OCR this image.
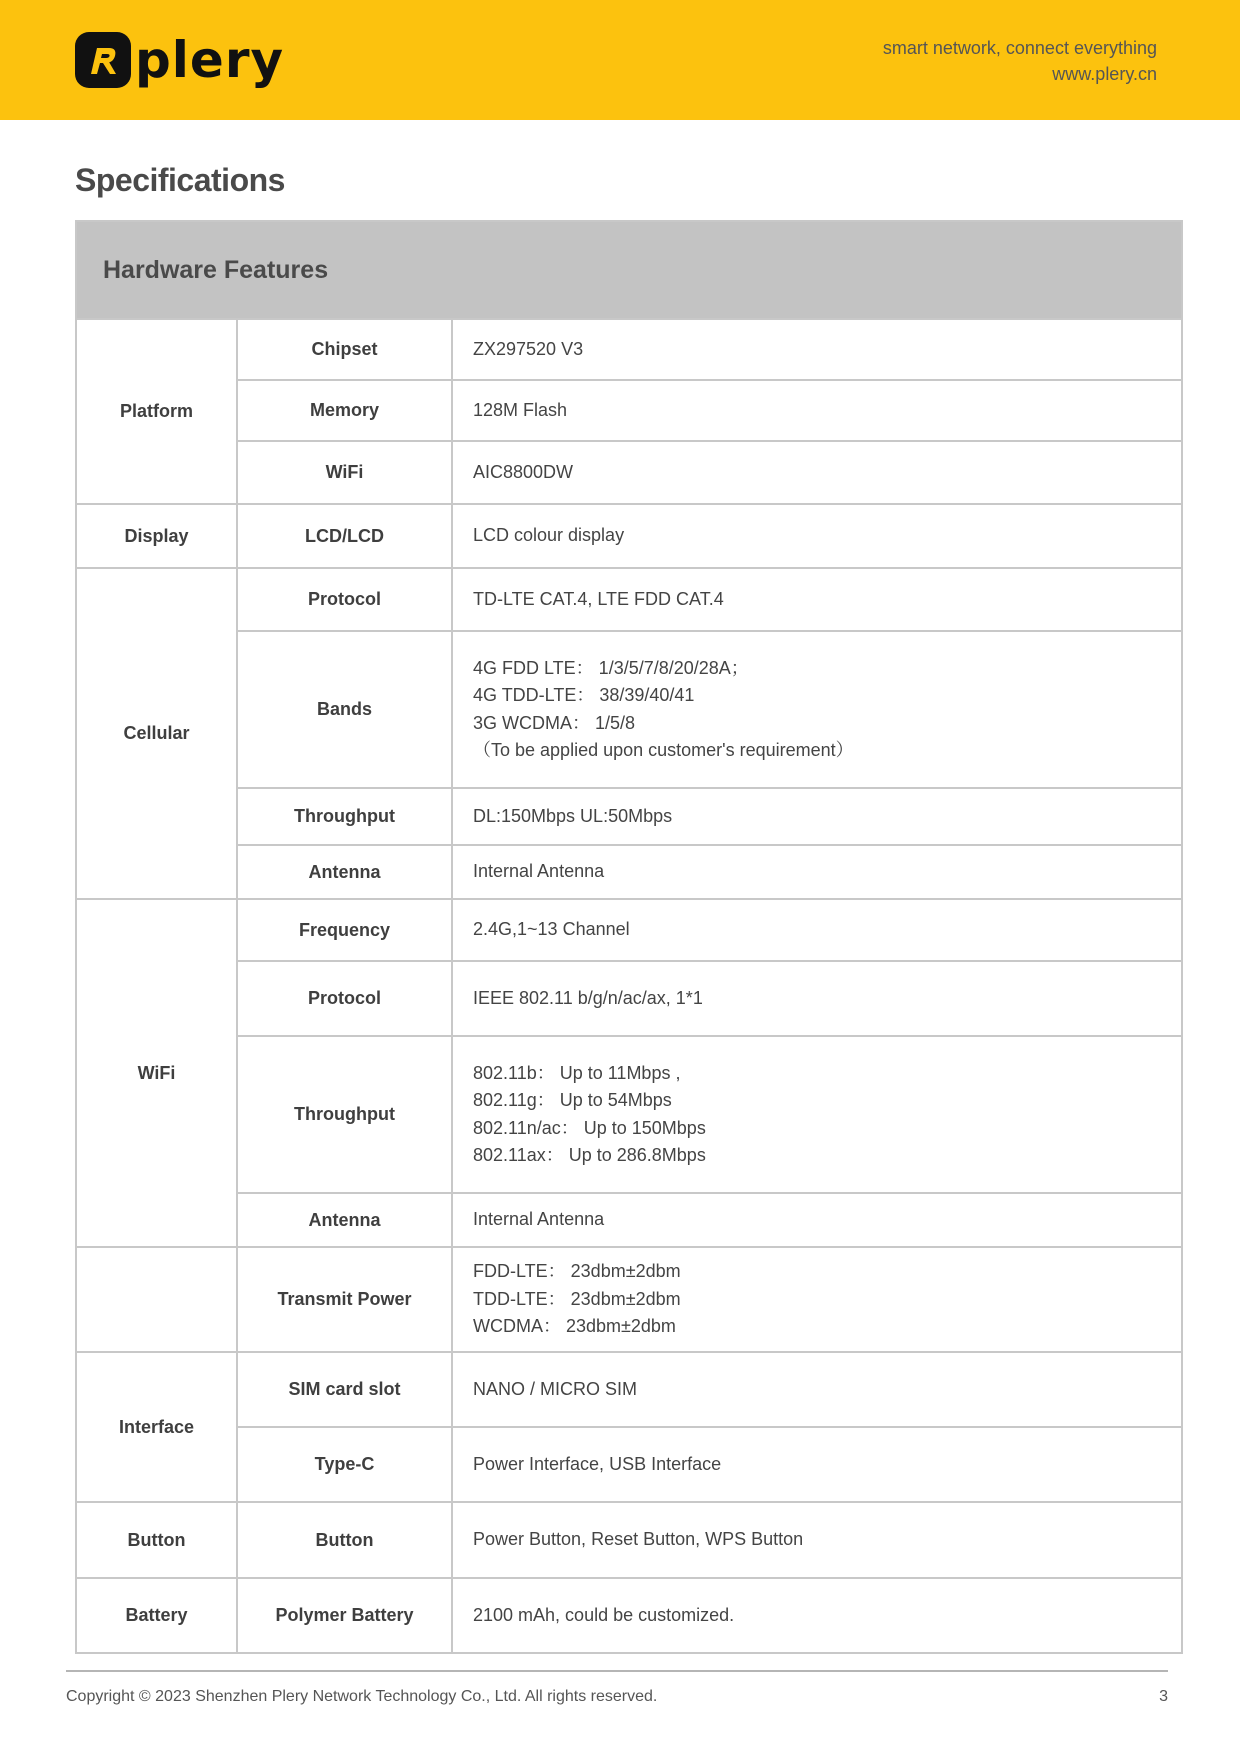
plery	smart network, connect everything
www.plery.cn
Specifications
Hardware Features		
Platform	Chipset	ZX297520 V3

	Memory	128M Flash

	WiFi	AIC8800DW

Display	LCD/LCD	LCD colour display

Cellular	Protocol	TD-LTE CAT.4, LTE FDD CAT.4

	Bands	4G FDD LTE： 1/3/5/7/8/20/28A；
4G TDD-LTE： 38/39/40/41
3G WCDMA： 1/5/8
（To be applied upon customer's requirement）

	Throughput	DL:150Mbps UL:50Mbps

	Antenna	Internal Antenna

WiFi	Frequency	2.4G,1~13 Channel

	Protocol	IEEE 802.11 b/g/n/ac/ax, 1*1

	Throughput	802.11b： Up to 11Mbps ,
802.11g： Up to 54Mbps
802.11n/ac： Up to 150Mbps
802.11ax： Up to 286.8Mbps

	Antenna	Internal Antenna

	Transmit Power	FDD-LTE： 23dbm±2dbm
TDD-LTE： 23dbm±2dbm
WCDMA： 23dbm±2dbm

Interface	SIM card slot	NANO / MICRO SIM

	Type-C	Power Interface, USB Interface

Button	Button	Power Button, Reset Button, WPS Button

Battery	Polymer Battery	2100 mAh, could be customized.
Copyright © 2023 Shenzhen Plery Network Technology Co., Ltd. All rights reserved.	3
